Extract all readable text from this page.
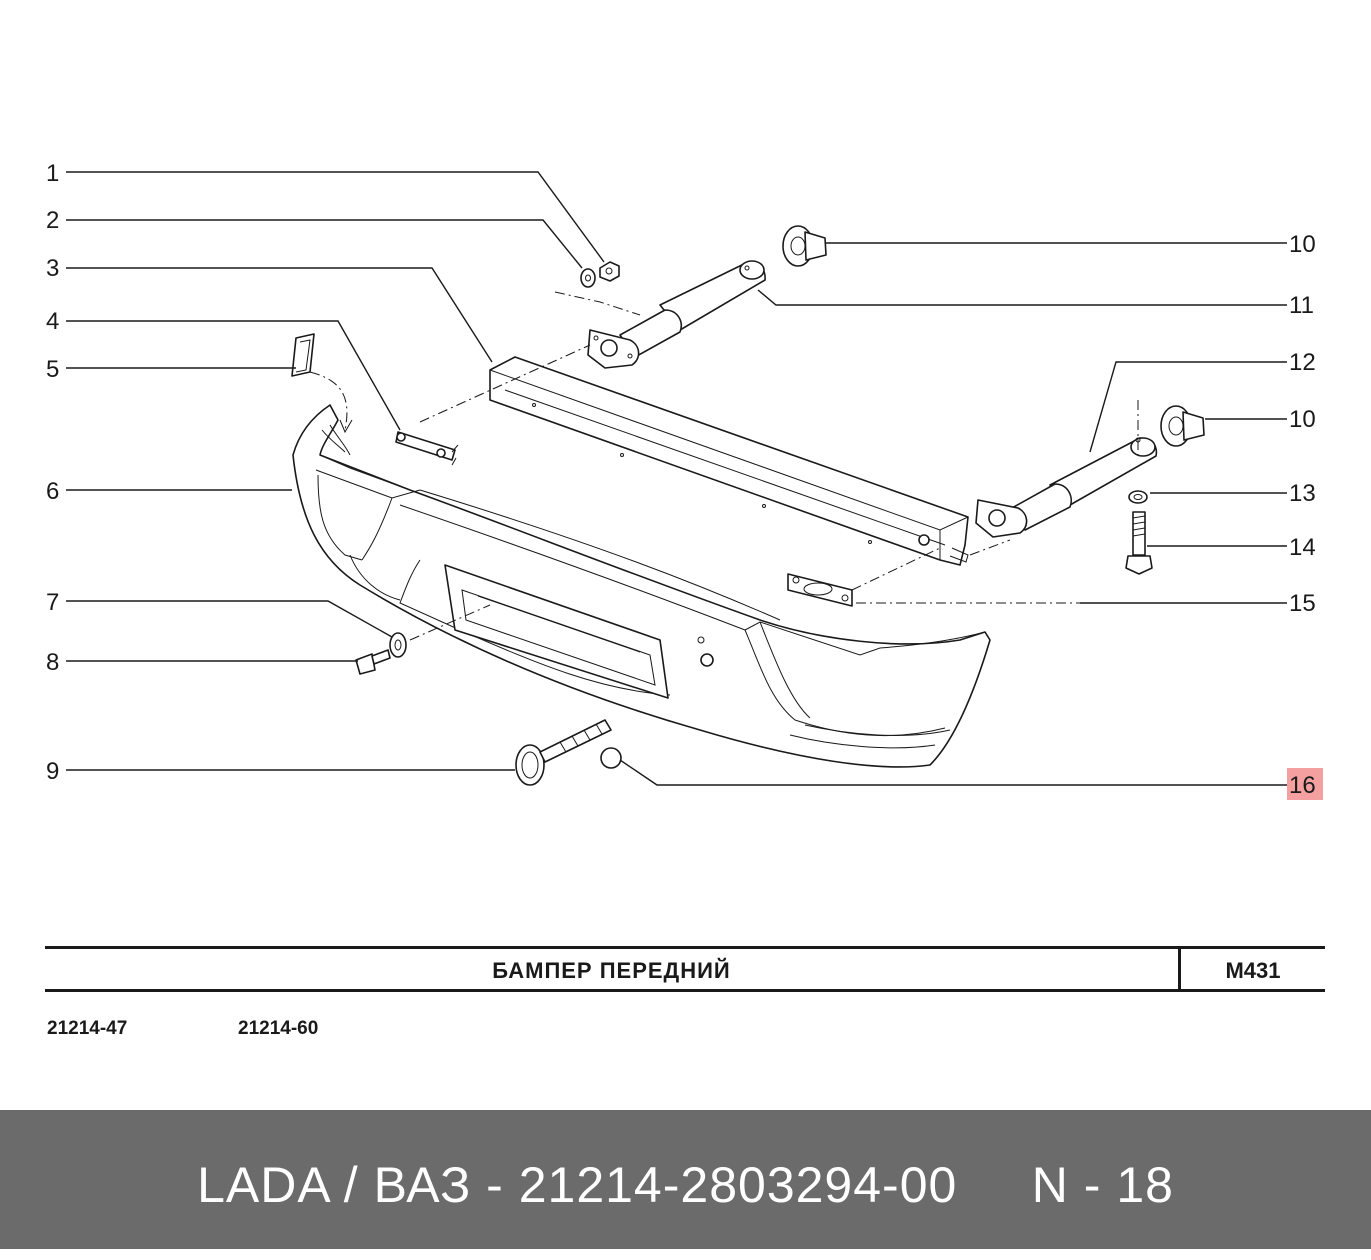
1
2
3
4
5
6
7
8
9
10
11
12
10
13
14
15
16
БАМПЕР ПЕРЕДНИЙ	M431
21214-47	21214-60
LADA / ВАЗ - 21214-2803294-00     N - 18
